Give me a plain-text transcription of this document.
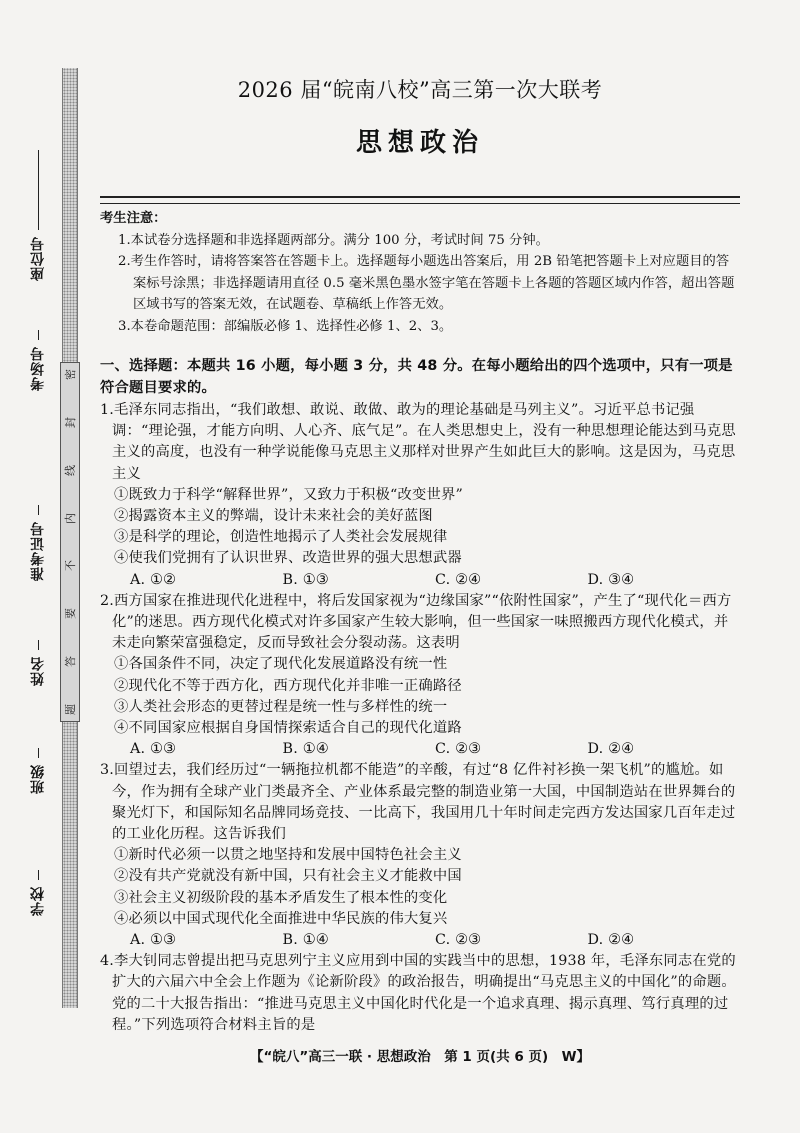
座位号
考场号
准考证号
姓名
班级
学校
密
封
线
内
不
要
答
题
2026 届“皖南八校”高三第一次大联考
思想政治
考生注意：
1.本试卷分选择题和非选择题两部分。满分 100 分，考试时间 75 分钟。
2.考生作答时，请将答案答在答题卡上。选择题每小题选出答案后，用 2B 铅笔把答题卡上对应题目的答案标号涂黑；非选择题请用直径 0.5 毫米黑色墨水签字笔在答题卡上各题的答题区域内作答，超出答题区域书写的答案无效，在试题卷、草稿纸上作答无效。
3.本卷命题范围：部编版必修 1、选择性必修 1、2、3。
一、选择题：本题共 16 小题，每小题 3 分，共 48 分。在每小题给出的四个选项中，只有一项是符合题目要求的。
1.毛泽东同志指出，“我们敢想、敢说、敢做、敢为的理论基础是马列主义”。习近平总书记强调：“理论强，才能方向明、人心齐、底气足”。在人类思想史上，没有一种思想理论能达到马克思主义的高度，也没有一种学说能像马克思主义那样对世界产生如此巨大的影响。这是因为，马克思主义
①既致力于科学“解释世界”，又致力于积极“改变世界”
②揭露资本主义的弊端，设计未来社会的美好蓝图
③是科学的理论，创造性地揭示了人类社会发展规律
④使我们党拥有了认识世界、改造世界的强大思想武器
A. ①②	B. ①③	C. ②④	D. ③④
2.西方国家在推进现代化进程中，将后发国家视为“边缘国家”“依附性国家”，产生了“现代化＝西方化”的迷思。西方现代化模式对许多国家产生较大影响，但一些国家一味照搬西方现代化模式，并未走向繁荣富强稳定，反而导致社会分裂动荡。这表明
①各国条件不同，决定了现代化发展道路没有统一性
②现代化不等于西方化，西方现代化并非唯一正确路径
③人类社会形态的更替过程是统一性与多样性的统一
④不同国家应根据自身国情探索适合自己的现代化道路
A. ①③	B. ①④	C. ②③	D. ②④
3.回望过去，我们经历过“一辆拖拉机都不能造”的辛酸，有过“8 亿件衬衫换一架飞机”的尴尬。如今，作为拥有全球产业门类最齐全、产业体系最完整的制造业第一大国，中国制造站在世界舞台的聚光灯下，和国际知名品牌同场竞技、一比高下，我国用几十年时间走完西方发达国家几百年走过的工业化历程。这告诉我们
①新时代必须一以贯之地坚持和发展中国特色社会主义
②没有共产党就没有新中国，只有社会主义才能救中国
③社会主义初级阶段的基本矛盾发生了根本性的变化
④必须以中国式现代化全面推进中华民族的伟大复兴
A. ①③	B. ①④	C. ②③	D. ②④
4.李大钊同志曾提出把马克思列宁主义应用到中国的实践当中的思想，1938 年，毛泽东同志在党的扩大的六届六中全会上作题为《论新阶段》的政治报告，明确提出“马克思主义的中国化”的命题。党的二十大报告指出：“推进马克思主义中国化时代化是一个追求真理、揭示真理、笃行真理的过程。”下列选项符合材料主旨的是
【“皖八”高三一联 · 思想政治　第 1 页(共 6 页)　W】
